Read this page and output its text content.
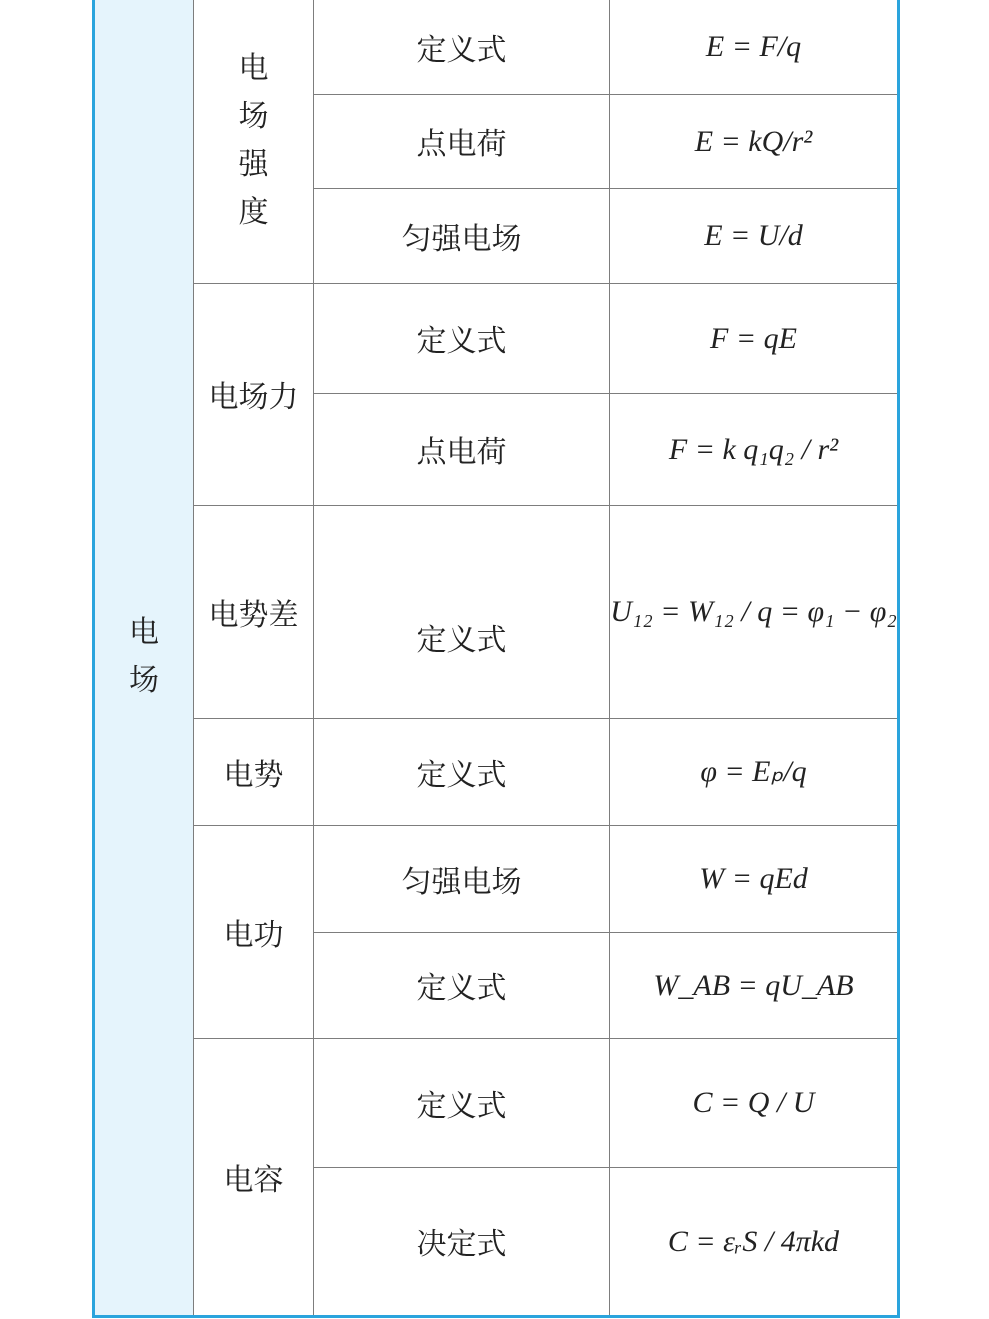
电场	电场强度	定义式	E = F/q
		点电荷	E = kQ/r²
		匀强电场	E = U/d
	电场力	定义式	F = qE
		点电荷	F = k q₁q₂ / r²
	电势差	定义式	U₁₂ = W₁₂ / q = φ₁ − φ₂
	电势	定义式	φ = Eₚ/q
	电功	匀强电场	W = qEd
		定义式	W_AB = qU_AB
	电容	定义式	C = Q / U
		决定式	C = εᵣS / 4πkd
